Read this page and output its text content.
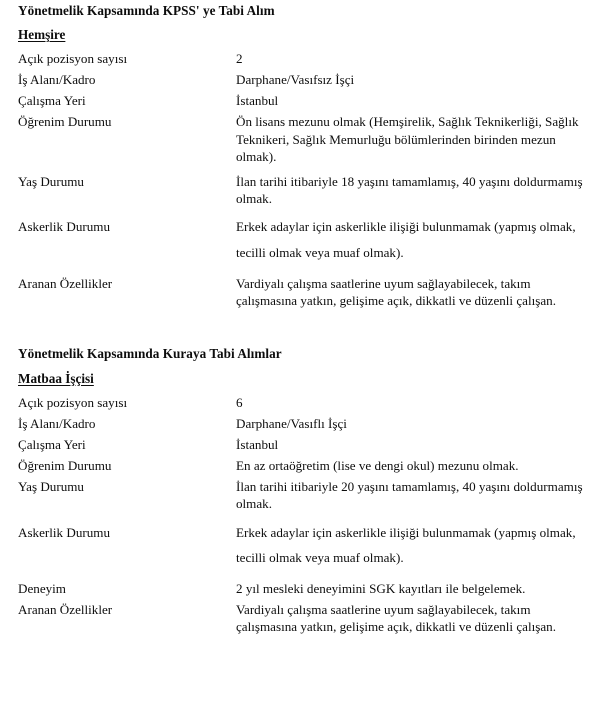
Yönetmelik Kapsamında KPSS' ye Tabi Alım
Hemşire
Açık pozisyon sayısı	2
İş Alanı/Kadro	Darphane/Vasıfsız İşçi
Çalışma Yeri	İstanbul
Öğrenim Durumu	Ön lisans mezunu olmak (Hemşirelik, Sağlık Teknikerliği, Sağlık Teknikeri, Sağlık Memurluğu bölümlerinden birinden mezun olmak).
Yaş Durumu	İlan tarihi itibariyle 18 yaşını tamamlamış, 40 yaşını doldurmamış olmak.
Askerlik Durumu	Erkek adaylar için askerlikle ilişiği bulunmamak (yapmış olmak, tecilli olmak veya muaf olmak).
Aranan Özellikler	Vardiyalı çalışma saatlerine uyum sağlayabilecek, takım çalışmasına yatkın, gelişime açık, dikkatli ve düzenli çalışan.
Yönetmelik Kapsamında Kuraya Tabi Alımlar
Matbaa İşçisi
Açık pozisyon sayısı	6
İş Alanı/Kadro	Darphane/Vasıflı İşçi
Çalışma Yeri	İstanbul
Öğrenim Durumu	En az ortaöğretim (lise ve dengi okul) mezunu olmak.
Yaş Durumu	İlan tarihi itibariyle 20 yaşını tamamlamış, 40 yaşını doldurmamış olmak.
Askerlik Durumu	Erkek adaylar için askerlikle ilişiği bulunmamak (yapmış olmak, tecilli olmak veya muaf olmak).
Deneyim	2 yıl mesleki deneyimini SGK kayıtları ile belgelemek.
Aranan Özellikler	Vardiyalı çalışma saatlerine uyum sağlayabilecek, takım çalışmasına yatkın, gelişime açık, dikkatli ve düzenli çalışan.
